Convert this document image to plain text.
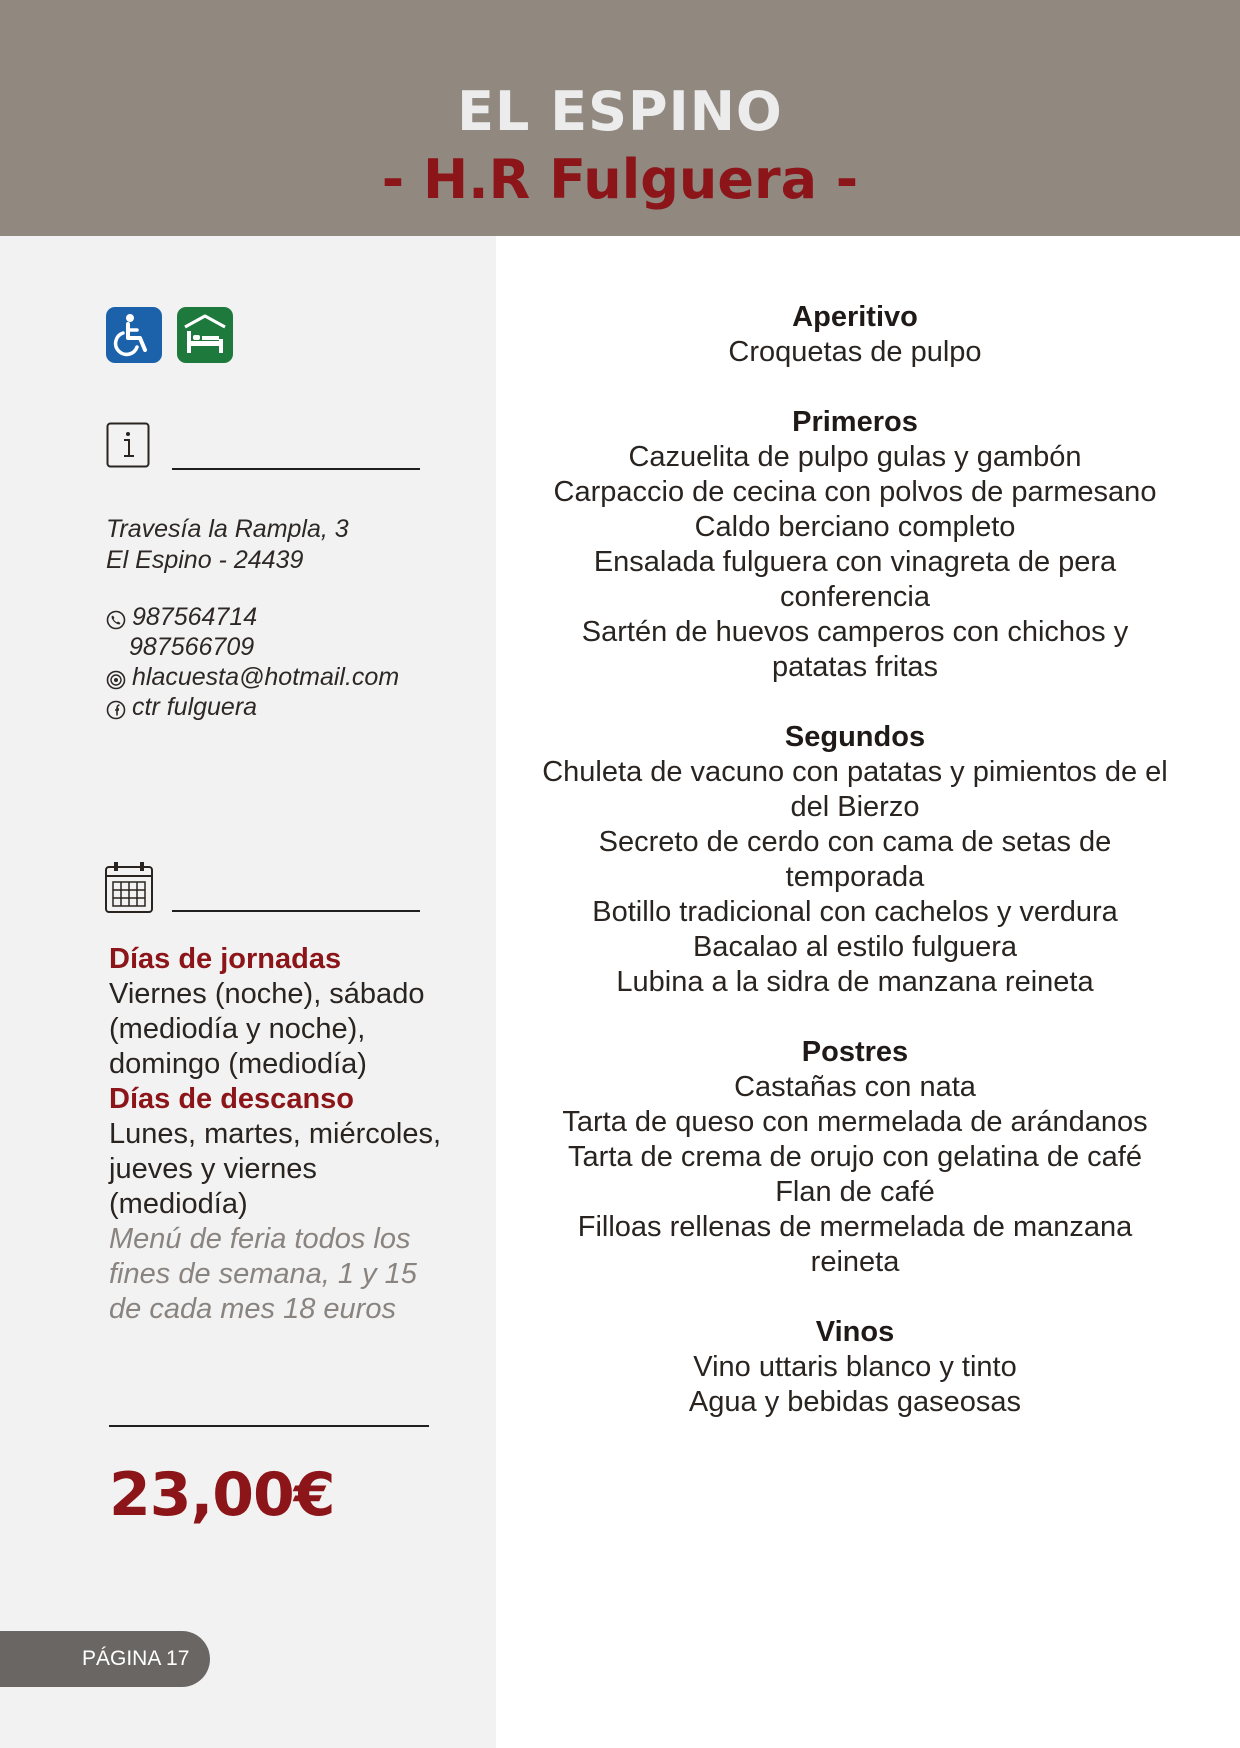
EL ESPINO
- H.R Fulguera -
Travesía la Rampla, 3
El Espino - 24439
987564714
987566709
hlacuesta@hotmail.com
ctr fulguera
Días de jornadas
Viernes (noche), sábado (mediodía y noche), domingo (mediodía)
Días de descanso
Lunes, martes, miércoles, jueves y viernes (mediodía)
Menú de feria todos los fines de semana, 1 y 15 de cada mes 18 euros
23,00€
PÁGINA 17
Aperitivo
Croquetas de pulpo
Primeros
Cazuelita de pulpo gulas y gambón
Carpaccio de cecina con polvos de parmesano
Caldo berciano completo
Ensalada fulguera con vinagreta de pera conferencia
Sartén de huevos camperos con chichos y patatas fritas
Segundos
Chuleta de vacuno con patatas y pimientos de el del Bierzo
Secreto de cerdo con cama de setas de temporada
Botillo tradicional con cachelos y verdura
Bacalao al estilo fulguera
Lubina a la sidra de manzana reineta
Postres
Castañas con nata
Tarta de queso con mermelada de arándanos
Tarta de crema de orujo con gelatina de café
Flan de café
Filloas rellenas de mermelada de manzana reineta
Vinos
Vino uttaris blanco y tinto
Agua y bebidas gaseosas
